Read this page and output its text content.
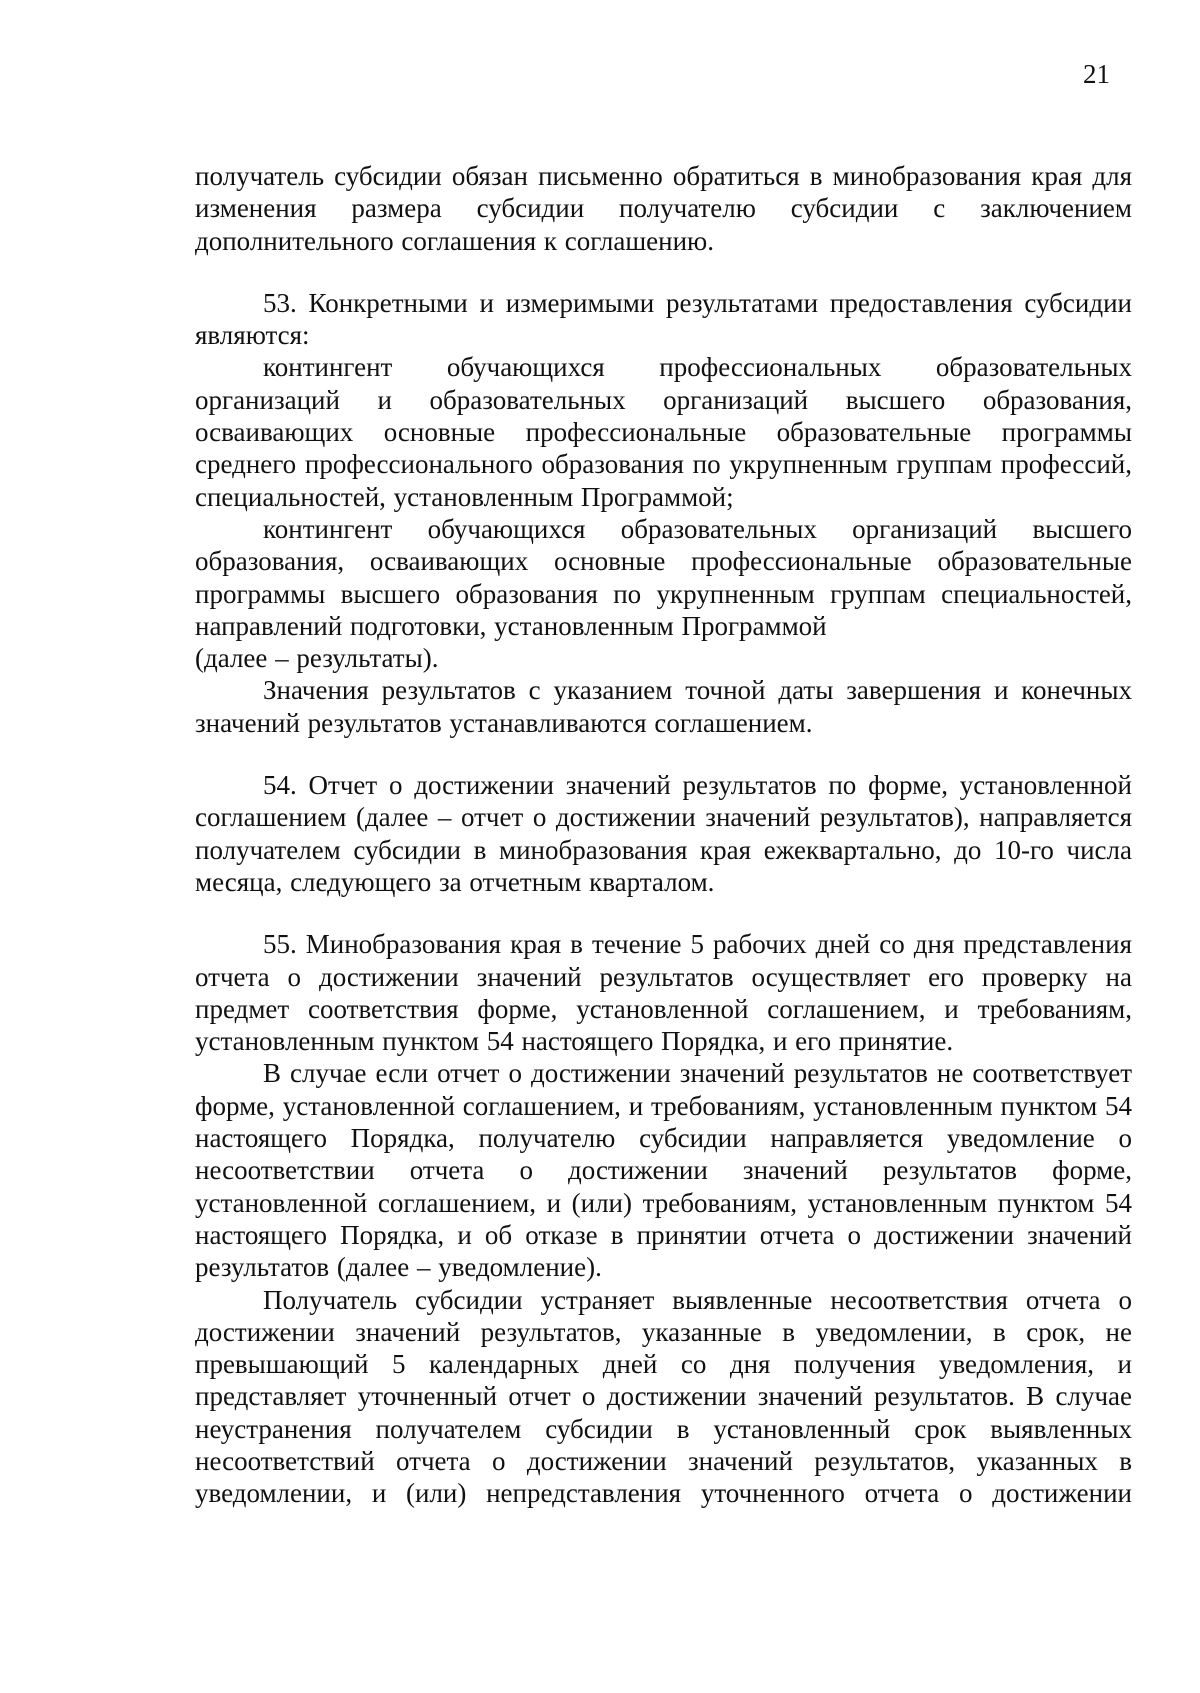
21

получатель субсидии обязан письменно обратиться в минобразования края для изменения размера субсидии получателю субсидии с заключением дополнительного соглашения к соглашению.

53. Конкретными и измеримыми результатами предоставления субсидии являются:

контингент обучающихся профессиональных образовательных организаций и образовательных организаций высшего образования, осваивающих основные профессиональные образовательные программы среднего профессионального образования по укрупненным группам профессий, специальностей, установленным Программой;

контингент обучающихся образовательных организаций высшего образования, осваивающих основные профессиональные образовательные программы высшего образования по укрупненным группам специальностей, направлений подготовки, установленным Программой

(далее – результаты).

Значения результатов с указанием точной даты завершения и конечных значений результатов устанавливаются соглашением.

54. Отчет о достижении значений результатов по форме, установленной соглашением (далее – отчет о достижении значений результатов), направляется получателем субсидии в минобразования края ежеквартально, до 10-го числа месяца, следующего за отчетным кварталом.

55. Минобразования края в течение 5 рабочих дней со дня представления отчета о достижении значений результатов осуществляет его проверку на предмет соответствия форме, установленной соглашением, и требованиям, установленным пунктом 54 настоящего Порядка, и его принятие.

В случае если отчет о достижении значений результатов не соответствует форме, установленной соглашением, и требованиям, установленным пунктом 54 настоящего Порядка, получателю субсидии направляется уведомление о несоответствии отчета о достижении значений результатов форме, установленной соглашением, и (или) требованиям, установленным пунктом 54 настоящего Порядка, и об отказе в принятии отчета о достижении значений результатов (далее – уведомление).

Получатель субсидии устраняет выявленные несоответствия отчета о достижении значений результатов, указанные в уведомлении, в срок, не превышающий 5 календарных дней со дня получения уведомления, и представляет уточненный отчет о достижении значений результатов. В случае неустранения получателем субсидии в установленный срок выявленных несоответствий отчета о достижении значений результатов, указанных в уведомлении, и (или) непредставления уточненного отчета о достижении
